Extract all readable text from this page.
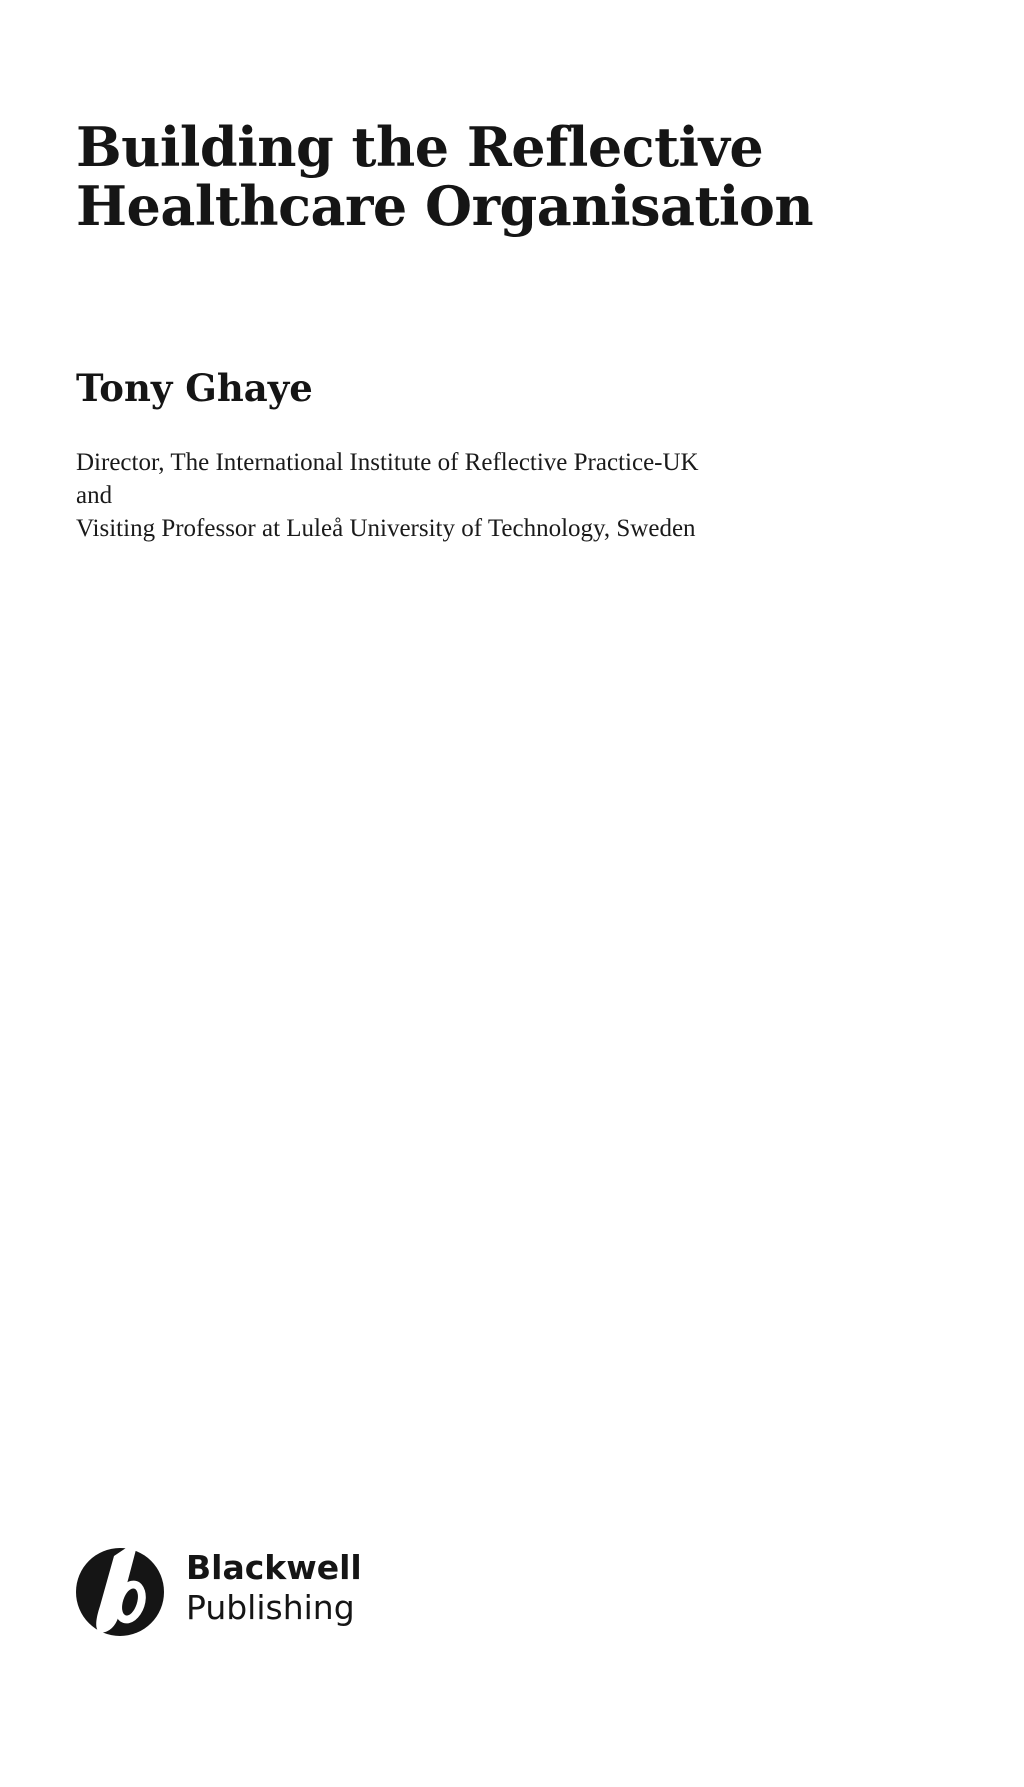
Building the Reflective
Healthcare Organisation
Tony Ghaye
Director, The International Institute of Reflective Practice-UK
and
Visiting Professor at Luleå University of Technology, Sweden
Blackwell
Publishing
